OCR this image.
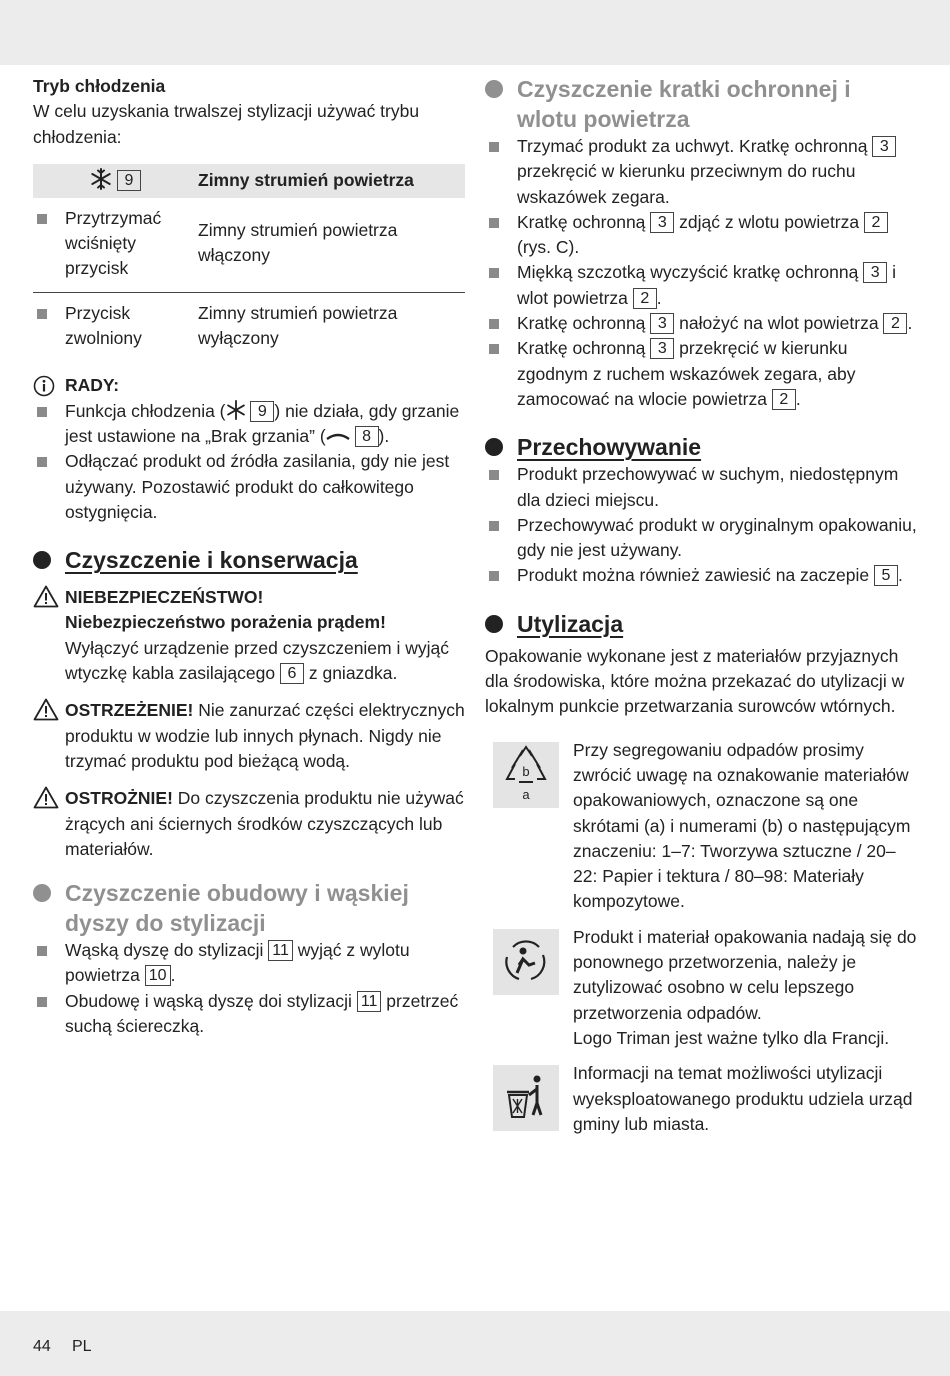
Tryb chłodzenia

W celu uzyskania trwalszej stylizacji używać trybu chłodzenia:

9	Zimny strumień powietrza

Przytrzymać wciśnięty przycisk	Zimny strumień powietrza włączony

Przycisk zwolniony	Zimny strumień powietrza wyłączony
RADY:
Funkcja chłodzenia ( 9 ) nie działa, gdy grzanie jest ustawione na „Brak grzania” ( 8 ).
Odłączać produkt od źródła zasilania, gdy nie jest używany. Pozostawić produkt do całkowitego ostygnięcia.
Czyszczenie i konserwacja

NIEBEZPIECZEŃSTWO!

Niebezpieczeństwo porażenia prądem!

Wyłączyć urządzenie przed czyszczeniem i wyjąć wtyczkę kabla zasilającego 6 z gniazdka.

OSTRZEŻENIE! Nie zanurzać części elektrycznych produktu w wodzie lub innych płynach. Nigdy nie trzymać produktu pod bieżącą wodą.

OSTROŻNIE! Do czyszczenia produktu nie używać żrących ani ściernych środków czyszczących lub materiałów.

Czyszczenie obudowy i wąskiej dyszy do stylizacji
Wąską dyszę do stylizacji 11 wyjąć z wylotu powietrza 10 .
Obudowę i wąską dyszę doi stylizacji 11 przetrzeć suchą ściereczką.
Czyszczenie kratki ochronnej i wlotu powietrza
Trzymać produkt za uchwyt. Kratkę ochronną 3 przekręcić w kierunku przeciwnym do ruchu wskazówek zegara.
Kratkę ochronną 3 zdjąć z wlotu powietrza 2 (rys. C).
Miękką szczotką wyczyścić kratkę ochronną 3 i wlot powietrza 2 .
Kratkę ochronną 3 nałożyć na wlot powietrza 2 .
Kratkę ochronną 3 przekręcić w kierunku zgodnym z ruchem wskazówek zegara, aby zamocować na wlocie powietrza 2 .
Przechowywanie
Produkt przechowywać w suchym, niedostępnym dla dzieci miejscu.
Przechowywać produkt w oryginalnym opakowaniu, gdy nie jest używany.
Produkt można również zawiesić na zaczepie 5 .
Utylizacja

Opakowanie wykonane jest z materiałów przyjaznych dla środowiska, które można przekazać do utylizacji w lokalnym punkcie przetwarzania surowców wtórnych.

b
a

Przy segregowaniu odpadów prosimy zwrócić uwagę na oznakowanie materiałów opakowaniowych, oznaczone są one skrótami (a) i numerami (b) o następującym znaczeniu: 1–7: Tworzywa sztuczne / 20–22: Papier i tektura / 80–98: Materiały kompozytowe.

Produkt i materiał opakowania nadają się do ponownego przetworzenia, należy je zutylizować osobno w celu lepszego przetworzenia odpadów.

Logo Triman jest ważne tylko dla Francji.

Informacji na temat możliwości utylizacji wyeksploatowanego produktu udziela urząd gminy lub miasta.

44 PL
